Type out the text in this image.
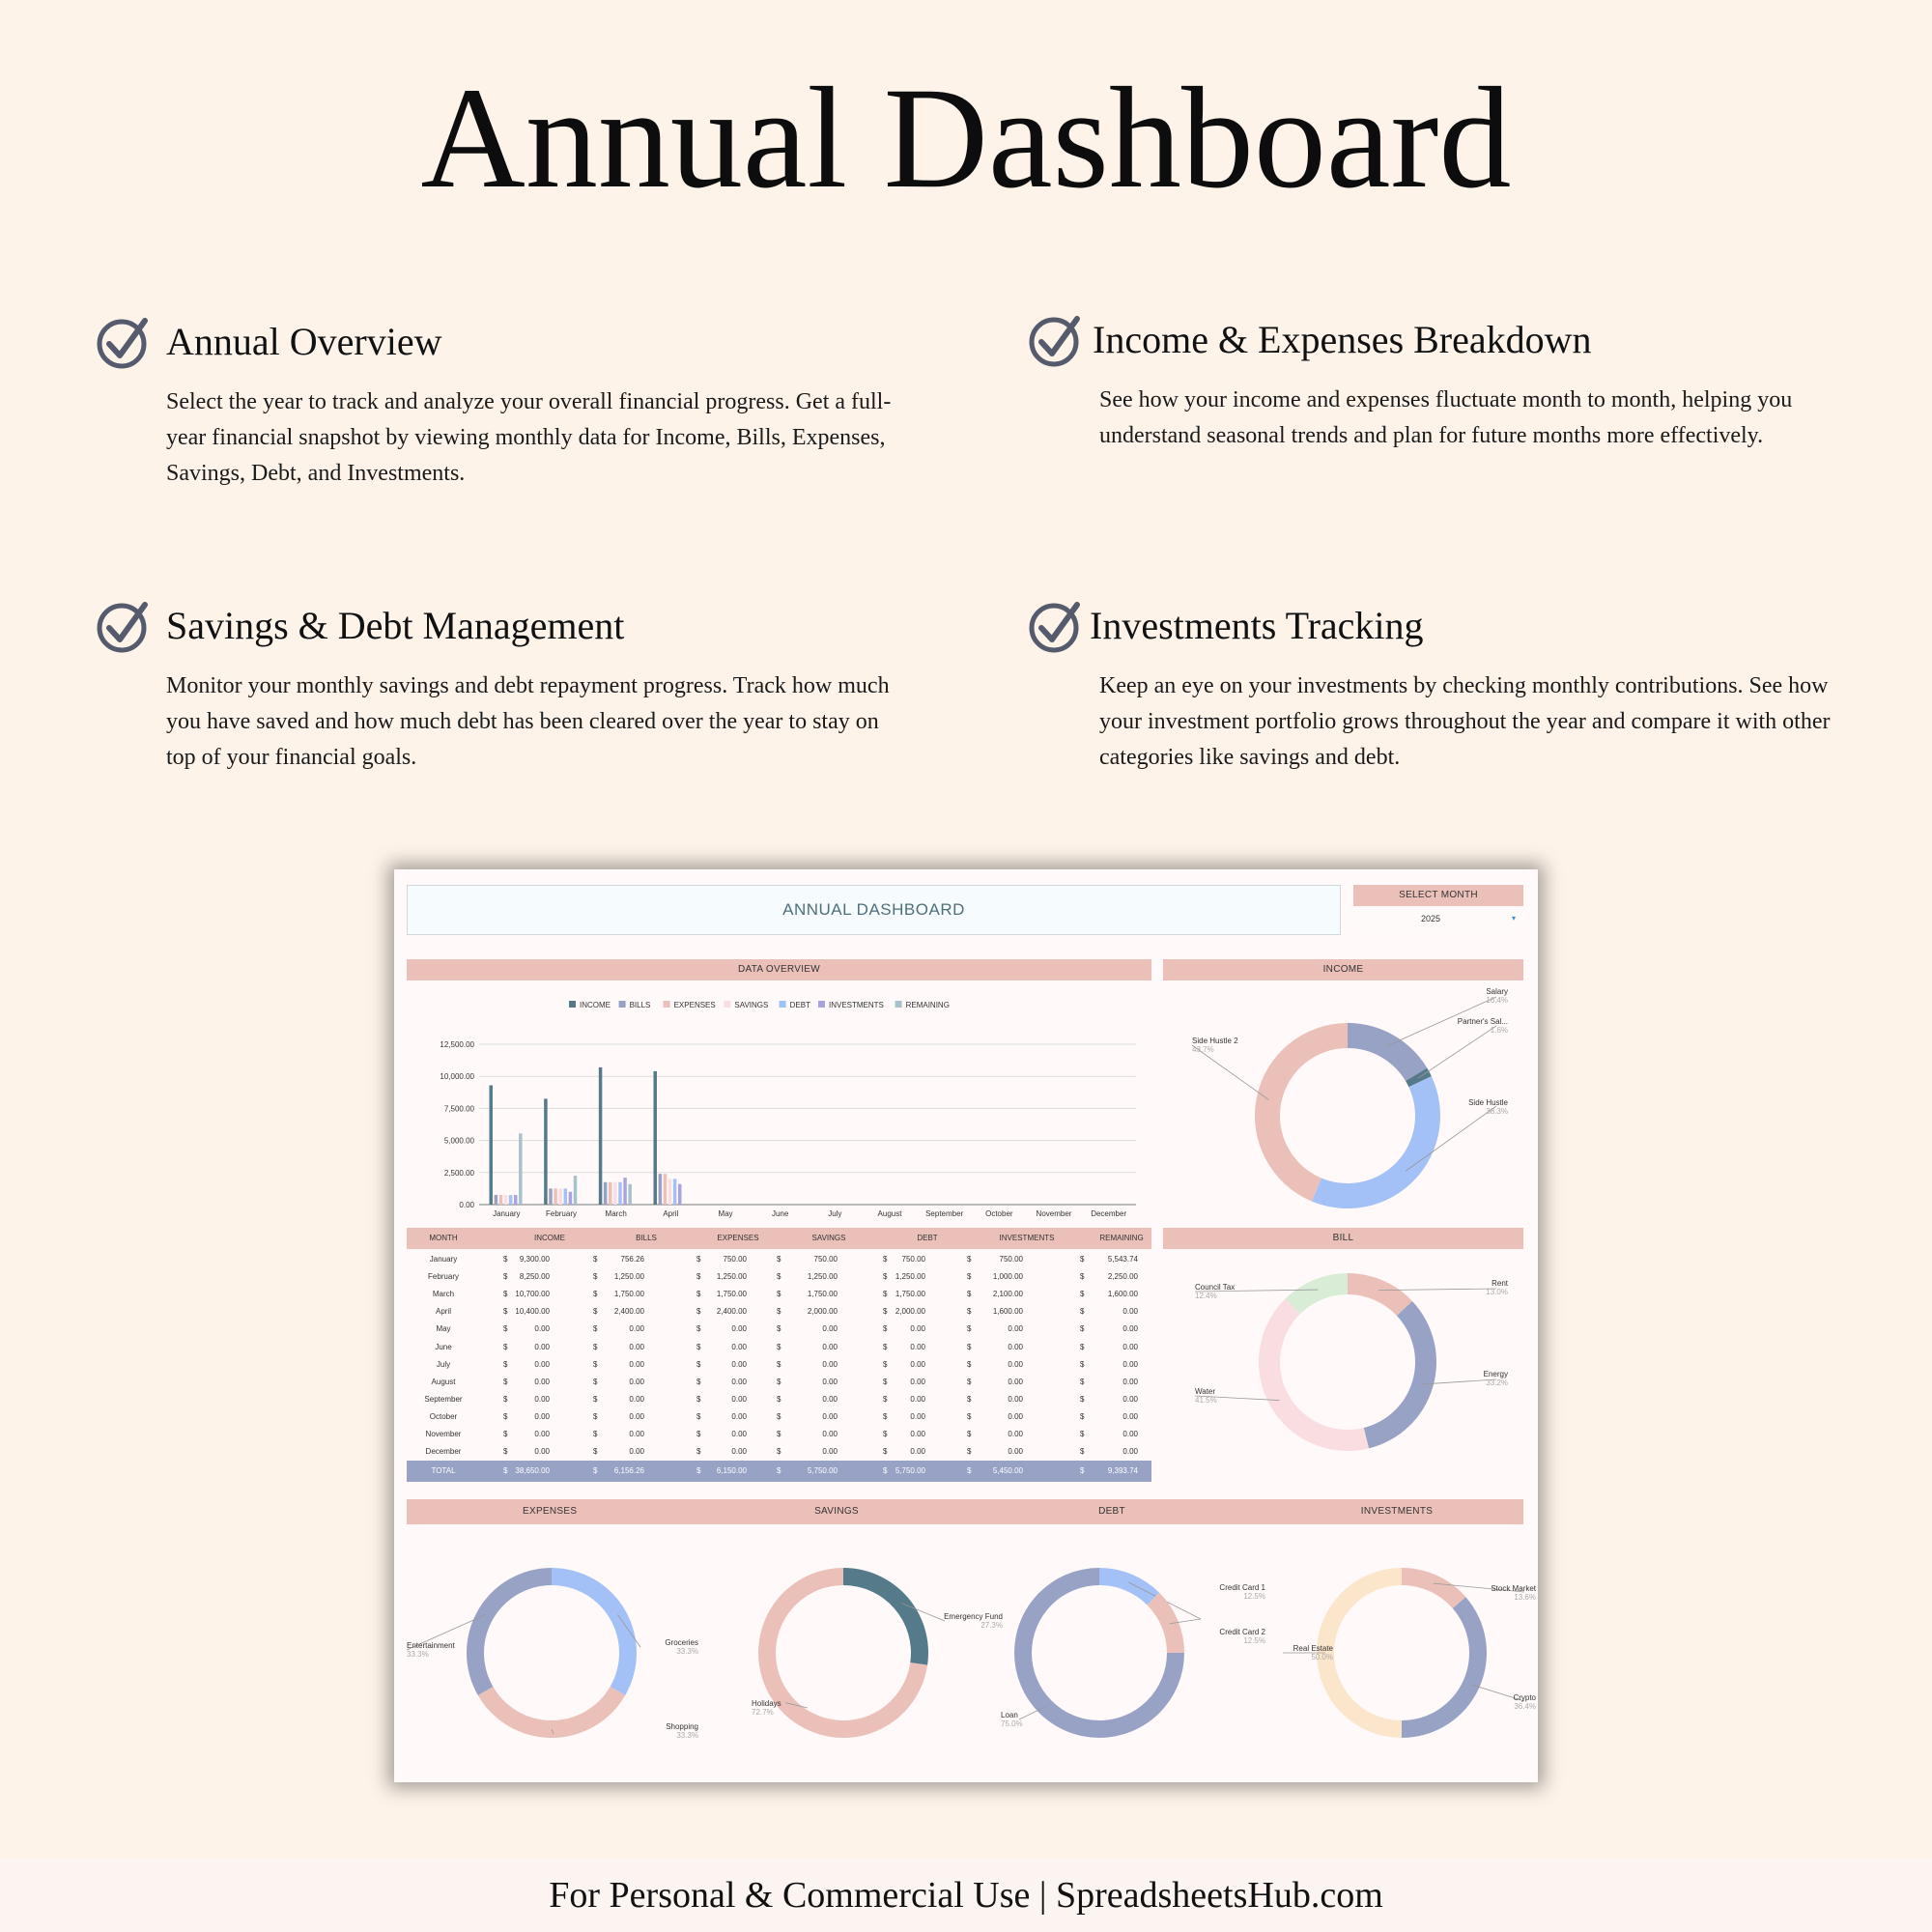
Annual Dashboard
Annual Overview

Select the year to track and analyze your overall financial progress. Get a full-year financial snapshot by viewing monthly data for Income, Bills, Expenses, Savings, Debt, and Investments.

Income & Expenses Breakdown

See how your income and expenses fluctuate month to month, helping you understand seasonal trends and plan for future months more effectively.

Savings & Debt Management

Monitor your monthly savings and debt repayment progress. Track how much you have saved and how much debt has been cleared over the year to stay on top of your financial goals.

Investments Tracking

Keep an eye on your investments by checking monthly contributions. See how your investment portfolio grows throughout the year and compare it with other categories like savings and debt.

ANNUAL DASHBOARD
SELECT MONTH
2025	▾
DATA OVERVIEW	INCOME
BILL
EXPENSES	SAVINGS	DEBT	INVESTMENTS
INCOME BILLS	EXPENSES SAVINGS	DEBT INVESTMENTS	REMAINING
0.00
2,500.00
5,000.00
7,500.00
10,000.00
12,500.00
January	February	March	April	May	June	July	August	September	October	November December
MONTH	INCOME	BILLS	EXPENSES	SAVINGS	DEBT	INVESTMENTS	REMAINING
January	$	9,300.00	$	756.26	$	750.00	$	750.00	$	750.00	$	750.00	$	5,543.74
February	$	8,250.00	$	1,250.00	$	1,250.00	$	1,250.00	$	1,250.00	$	1,000.00	$	2,250.00
March	$ 10,700.00	$	1,750.00	$	1,750.00	$	1,750.00	$	1,750.00	$	2,100.00	$	1,600.00
April	$ 10,400.00	$	2,400.00	$	2,400.00	$	2,000.00	$	2,000.00	$	1,600.00	$	0.00
May	$	0.00	$	0.00	$	0.00	$	0.00	$	0.00	$	0.00	$	0.00
June	$	0.00	$	0.00	$	0.00	$	0.00	$	0.00	$	0.00	$	0.00
July	$	0.00	$	0.00	$	0.00	$	0.00	$	0.00	$	0.00	$	0.00
August	$	0.00	$	0.00	$	0.00	$	0.00	$	0.00	$	0.00	$	0.00
September	$	0.00	$	0.00	$	0.00	$	0.00	$	0.00	$	0.00	$	0.00
October	$	0.00	$	0.00	$	0.00	$	0.00	$	0.00	$	0.00	$	0.00
November	$	0.00	$	0.00	$	0.00	$	0.00	$	0.00	$	0.00	$	0.00
December	$	0.00	$	0.00	$	0.00	$	0.00	$	0.00	$	0.00	$	0.00
TOTAL	$ 38,650.00	$	6,156.26	$	6,150.00	$	5,750.00	$	5,750.00	$	5,450.00	$	9,393.74
Salary
16.4%
Partner's Sal...
1.6%
Side Hustle
38.3%
Side Hustle 2
43.7%
Rent
13.0%
Energy
33.2%
Water
41.5%
Council Tax
12.4%
Groceries
33.3%
Shopping
33.3%
Entertainment
33.3%
Emergency Fund
27.3%
Holidays
72.7%
Credit Card 1
12.5%
Credit Card 2
12.5%
Loan
75.0%
Stock Market
13.6%
Crypto
36.4%
Real Estate
50.0%
For Personal & Commercial Use | SpreadsheetsHub.com
